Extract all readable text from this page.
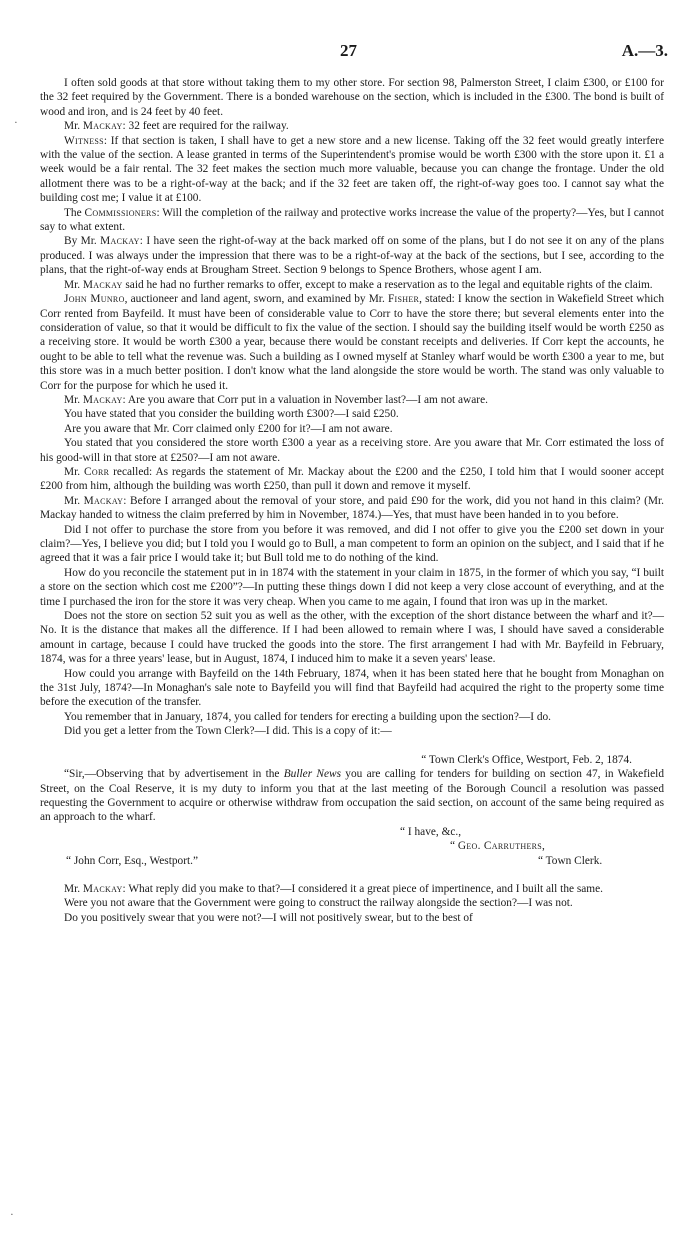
27	A.—3.

I often sold goods at that store without taking them to my other store. For section 98, Palmerston Street, I claim £300, or £100 for the 32 feet required by the Government. There is a bonded warehouse on the section, which is included in the £300. The bond is built of wood and iron, and is 24 feet by 40 feet.

Mr. Mackay: 32 feet are required for the railway.

Witness: If that section is taken, I shall have to get a new store and a new license. Taking off the 32 feet would greatly interfere with the value of the section. A lease granted in terms of the Superintendent's promise would be worth £300 with the store upon it. £1 a week would be a fair rental. The 32 feet makes the section much more valuable, because you can change the frontage. Under the old allotment there was to be a right-of-way at the back; and if the 32 feet are taken off, the right-of-way goes too. I cannot say what the building cost me; I value it at £100.

The Commissioners: Will the completion of the railway and protective works increase the value of the property?—Yes, but I cannot say to what extent.

By Mr. Mackay: I have seen the right-of-way at the back marked off on some of the plans, but I do not see it on any of the plans produced. I was always under the impression that there was to be a right-of-way at the back of the sections, but I see, according to the plans, that the right-of-way ends at Brougham Street. Section 9 belongs to Spence Brothers, whose agent I am.

Mr. Mackay said he had no further remarks to offer, except to make a reservation as to the legal and equitable rights of the claim.

John Munro, auctioneer and land agent, sworn, and examined by Mr. Fisher, stated: I know the section in Wakefield Street which Corr rented from Bayfeild. It must have been of considerable value to Corr to have the store there; but several elements enter into the consideration of value, so that it would be difficult to fix the value of the section. I should say the building itself would be worth £250 as a receiving store. It would be worth £300 a year, because there would be constant receipts and deliveries. If Corr kept the accounts, he ought to be able to tell what the revenue was. Such a building as I owned myself at Stanley wharf would be worth £300 a year to me, but this store was in a much better position. I don't know what the land alongside the store would be worth. The stand was only valuable to Corr for the purpose for which he used it.

Mr. Mackay: Are you aware that Corr put in a valuation in November last?—I am not aware.

You have stated that you consider the building worth £300?—I said £250.

Are you aware that Mr. Corr claimed only £200 for it?—I am not aware.

You stated that you considered the store worth £300 a year as a receiving store. Are you aware that Mr. Corr estimated the loss of his good-will in that store at £250?—I am not aware.

Mr. Corr recalled: As regards the statement of Mr. Mackay about the £200 and the £250, I told him that I would sooner accept £200 from him, although the building was worth £250, than pull it down and remove it myself.

Mr. Mackay: Before I arranged about the removal of your store, and paid £90 for the work, did you not hand in this claim? (Mr. Mackay handed to witness the claim preferred by him in November, 1874.)—Yes, that must have been handed in to you before.

Did I not offer to purchase the store from you before it was removed, and did I not offer to give you the £200 set down in your claim?—Yes, I believe you did; but I told you I would go to Bull, a man competent to form an opinion on the subject, and I said that if he agreed that it was a fair price I would take it; but Bull told me to do nothing of the kind.

How do you reconcile the statement put in in 1874 with the statement in your claim in 1875, in the former of which you say, “I built a store on the section which cost me £200”?—In putting these things down I did not keep a very close account of everything, and at the time I purchased the iron for the store it was very cheap. When you came to me again, I found that iron was up in the market.

Does not the store on section 52 suit you as well as the other, with the exception of the short distance between the wharf and it?—No. It is the distance that makes all the difference. If I had been allowed to remain where I was, I should have saved a considerable amount in cartage, because I could have trucked the goods into the store. The first arrangement I had with Mr. Bayfeild in February, 1874, was for a three years' lease, but in August, 1874, I induced him to make it a seven years' lease.

How could you arrange with Bayfeild on the 14th February, 1874, when it has been stated here that he bought from Monaghan on the 31st July, 1874?—In Monaghan's sale note to Bayfeild you will find that Bayfeild had acquired the right to the property some time before the execution of the transfer.

You remember that in January, 1874, you called for tenders for erecting a building upon the section?—I do.

Did you get a letter from the Town Clerk?—I did. This is a copy of it:—

“ Town Clerk's Office, Westport, Feb. 2, 1874.

“Sir,—Observing that by advertisement in the Buller News you are calling for tenders for building on section 47, in Wakefield Street, on the Coal Reserve, it is my duty to inform you that at the last meeting of the Borough Council a resolution was passed requesting the Government to acquire or otherwise withdraw from occupation the said section, on account of the same being required as an approach to the wharf.

“ I have, &c.,

“ Geo. Carruthers,

“ John Corr, Esq., Westport.”	“ Town Clerk.

Mr. Mackay: What reply did you make to that?—I considered it a great piece of impertinence, and I built all the same.

Were you not aware that the Government were going to construct the railway alongside the section?—I was not.

Do you positively swear that you were not?—I will not positively swear, but to the best of

·
·
